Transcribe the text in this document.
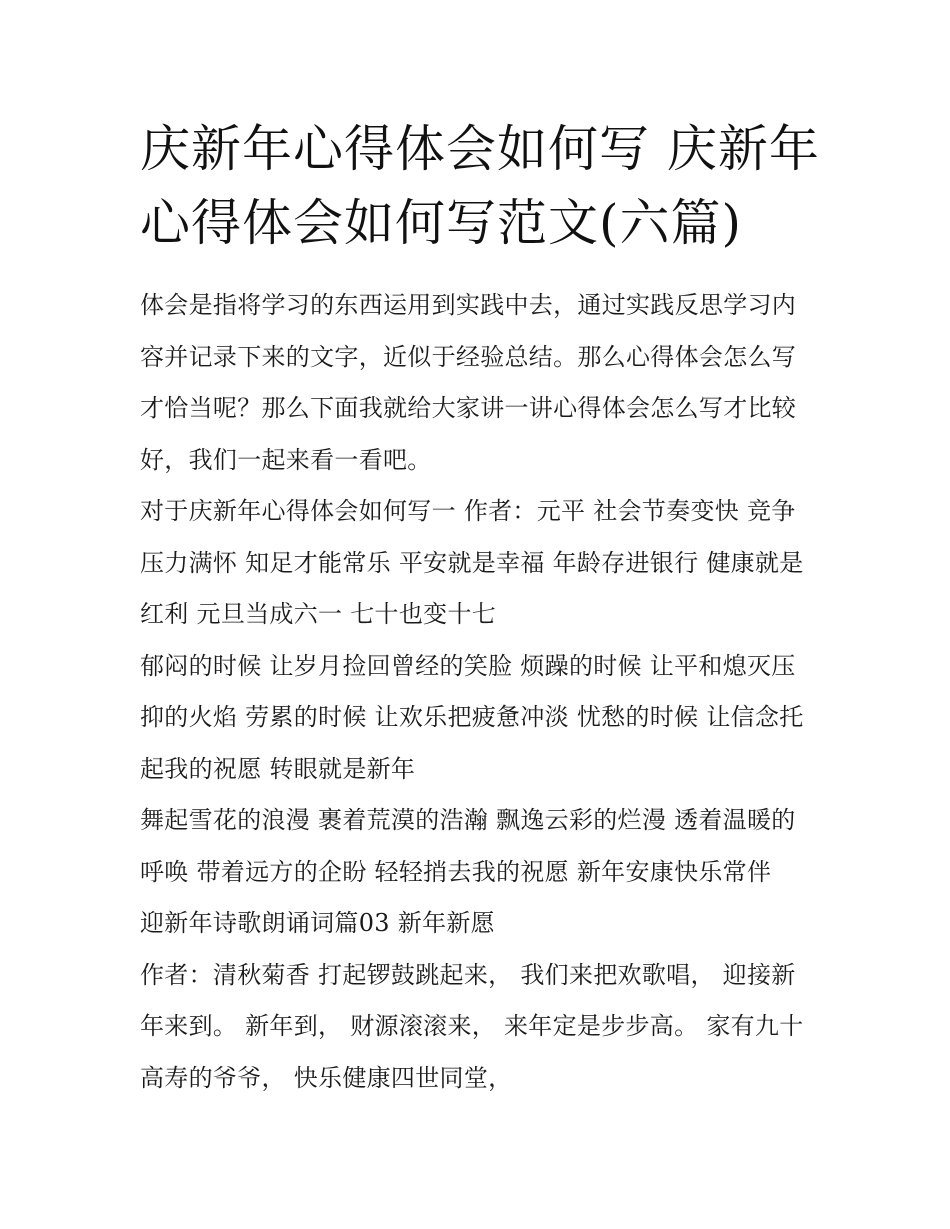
庆新年心得体会如何写 庆新年心得体会如何写范文(六篇)

体会是指将学习的东西运用到实践中去，通过实践反思学习内容并记录下来的文字，近似于经验总结。那么心得体会怎么写才恰当呢？那么下面我就给大家讲一讲心得体会怎么写才比较好，我们一起来看一看吧。

对于庆新年心得体会如何写一 作者：元平 社会节奏变快 竞争压力满怀 知足才能常乐 平安就是幸福 年龄存进银行 健康就是红利 元旦当成六一 七十也变十七

郁闷的时候 让岁月捡回曾经的笑脸 烦躁的时候 让平和熄灭压抑的火焰 劳累的时候 让欢乐把疲惫冲淡 忧愁的时候 让信念托起我的祝愿 转眼就是新年

舞起雪花的浪漫 裹着荒漠的浩瀚 飘逸云彩的烂漫 透着温暖的呼唤 带着远方的企盼 轻轻捎去我的祝愿 新年安康快乐常伴

迎新年诗歌朗诵词篇03 新年新愿

作者：清秋菊香 打起锣鼓跳起来， 我们来把欢歌唱， 迎接新年来到。 新年到， 财源滚滚来， 来年定是步步高。 家有九十高寿的爷爷， 快乐健康四世同堂，
